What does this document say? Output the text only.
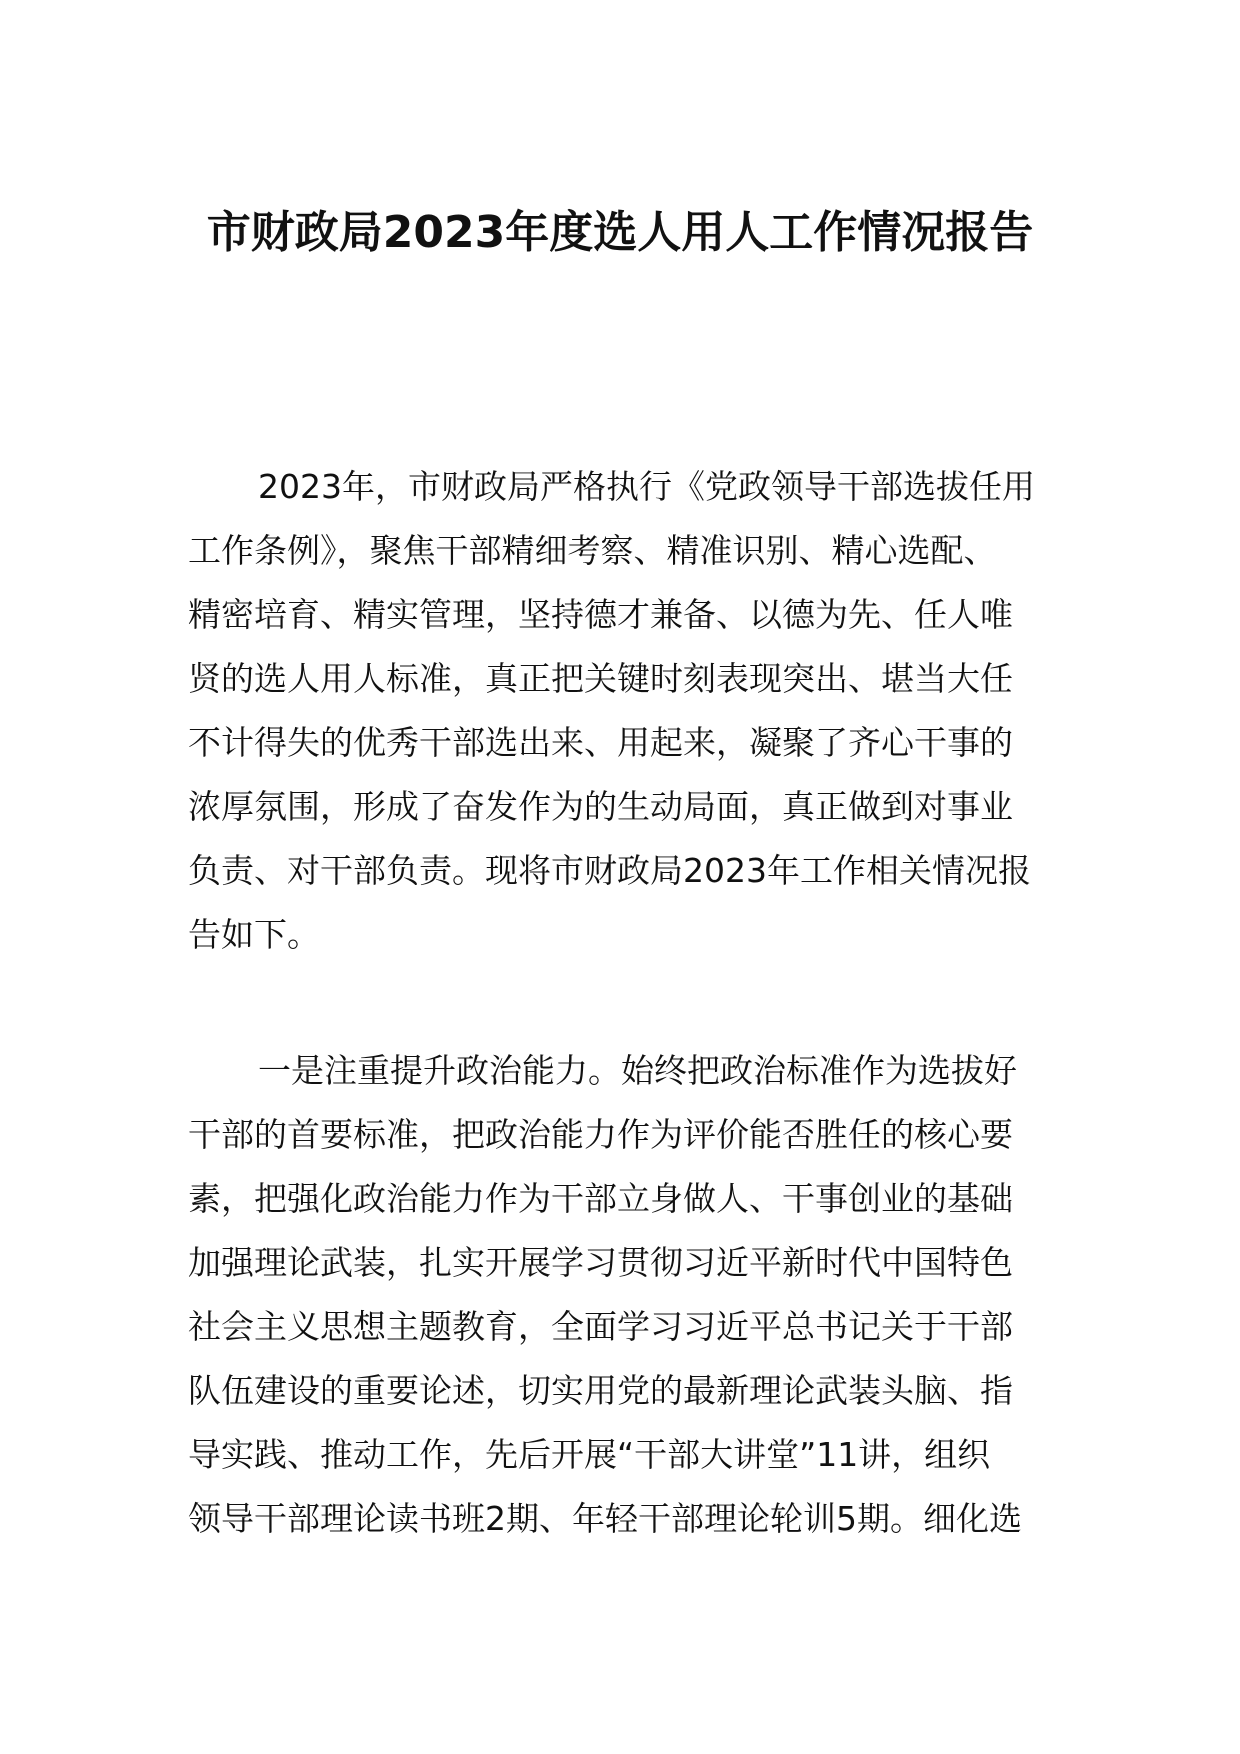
市财政局2023年度选人用人工作情况报告
2023年，市财政局严格执行《党政领导干部选拔任用
工作条例》，聚焦干部精细考察、精准识别、精心选配、
精密培育、精实管理，坚持德才兼备、以德为先、任人唯
贤的选人用人标准，真正把关键时刻表现突出、堪当大任
不计得失的优秀干部选出来、用起来，凝聚了齐心干事的
浓厚氛围，形成了奋发作为的生动局面，真正做到对事业
负责、对干部负责。现将市财政局2023年工作相关情况报
告如下。
一是注重提升政治能力。始终把政治标准作为选拔好
干部的首要标准，把政治能力作为评价能否胜任的核心要
素，把强化政治能力作为干部立身做人、干事创业的基础
加强理论武装，扎实开展学习贯彻习近平新时代中国特色
社会主义思想主题教育，全面学习习近平总书记关于干部
队伍建设的重要论述，切实用党的最新理论武装头脑、指
导实践、推动工作，先后开展“干部大讲堂”11讲，组织
领导干部理论读书班2期、年轻干部理论轮训5期。细化选
